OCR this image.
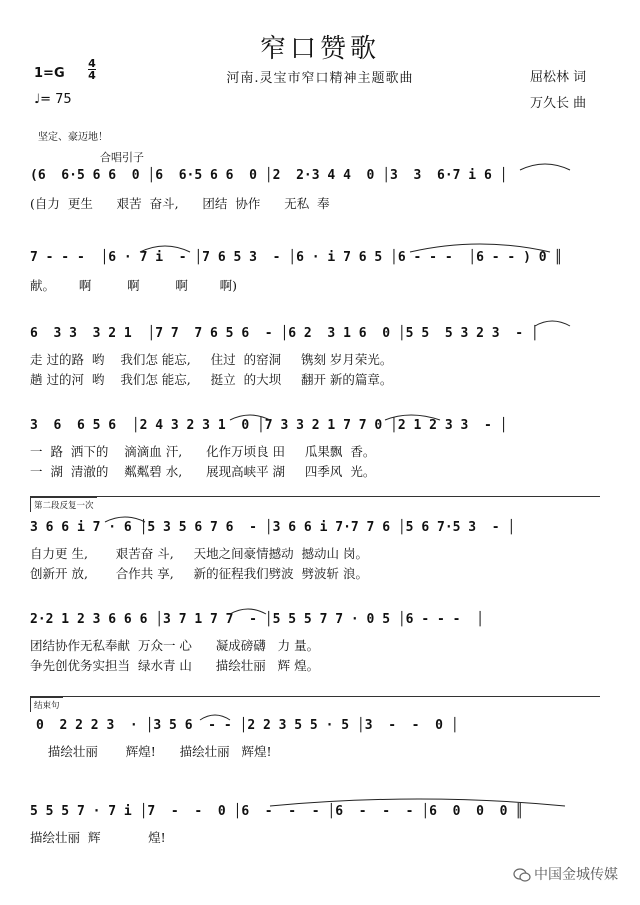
窄口赞歌
河南.灵宝市窄口精神主题歌曲
1=G
4
4
♩= 75
屈松林 词
万久长 曲
坚定、豪迈地！
合唱引子
(6  6·5 6 6  0 │6  6·5 6 6  0 │2  2·3 4 4  0 │3  3  6·7 i 6 │
(自力  更生      艰苦  奋斗,      团结  协作      无私  奉
7 - - -  │6 · 7 i  - │7 6 5 3  - │6 · i 7 6 5 │6 - - -  │6 - - ) 0 ║
献。      啊         啊         啊        啊)
6  3 3  3 2 1  │7 7  7 6 5 6  - │6 2  3 1 6  0 │5 5  5 3 2 3  - │
走 过的路  哟    我们怎 能忘,     住过  的窑洞     镌刻 岁月荣光。
趟 过的河  哟    我们怎 能忘,     挺立  的大坝     翻开 新的篇章。
3  6  6 5 6  │2 4 3 2 3 1  0 │7 3 3 2 1 7 7 0 │2 1 2 3 3  - │
一  路  洒下的    滴滴血 汗,      化作万顷良 田     瓜果飘  香。
一  湖  清澈的    粼粼碧 水,      展现高峡平 湖     四季风  光。
第二段反复一次
3 6 6 i 7 · 6 │5 3 5 6 7 6  - │3 6 6 i 7·7 7 6 │5 6 7·5 3  - │
自力更 生,       艰苦奋 斗,     天地之间豪情撼动  撼动山 岗。
创新开 放,       合作共 享,     新的征程我们劈波  劈波斩 浪。
2·2 1 2 3 6 6 6 │3 7 1 7 7  - │5 5 5 7 7 · 0 5 │6 - - -  │
团结协作无私奉献  万众一 心      凝成磅礴   力 量。
争先创优务实担当  绿水青 山      描绘壮丽   辉 煌。
结束句
0  2 2 2 3  · │3 5 6  - - │2 2 3 5 5 · 5 │3  -  -  0 │
描绘壮丽       辉煌!      描绘壮丽   辉煌!
5 5 5 7 · 7 i │7  -  -  0 │6  -  -  - │6  -  -  - │6  0  0  0 ║
描绘壮丽  辉            煌!
中国金城传媒
